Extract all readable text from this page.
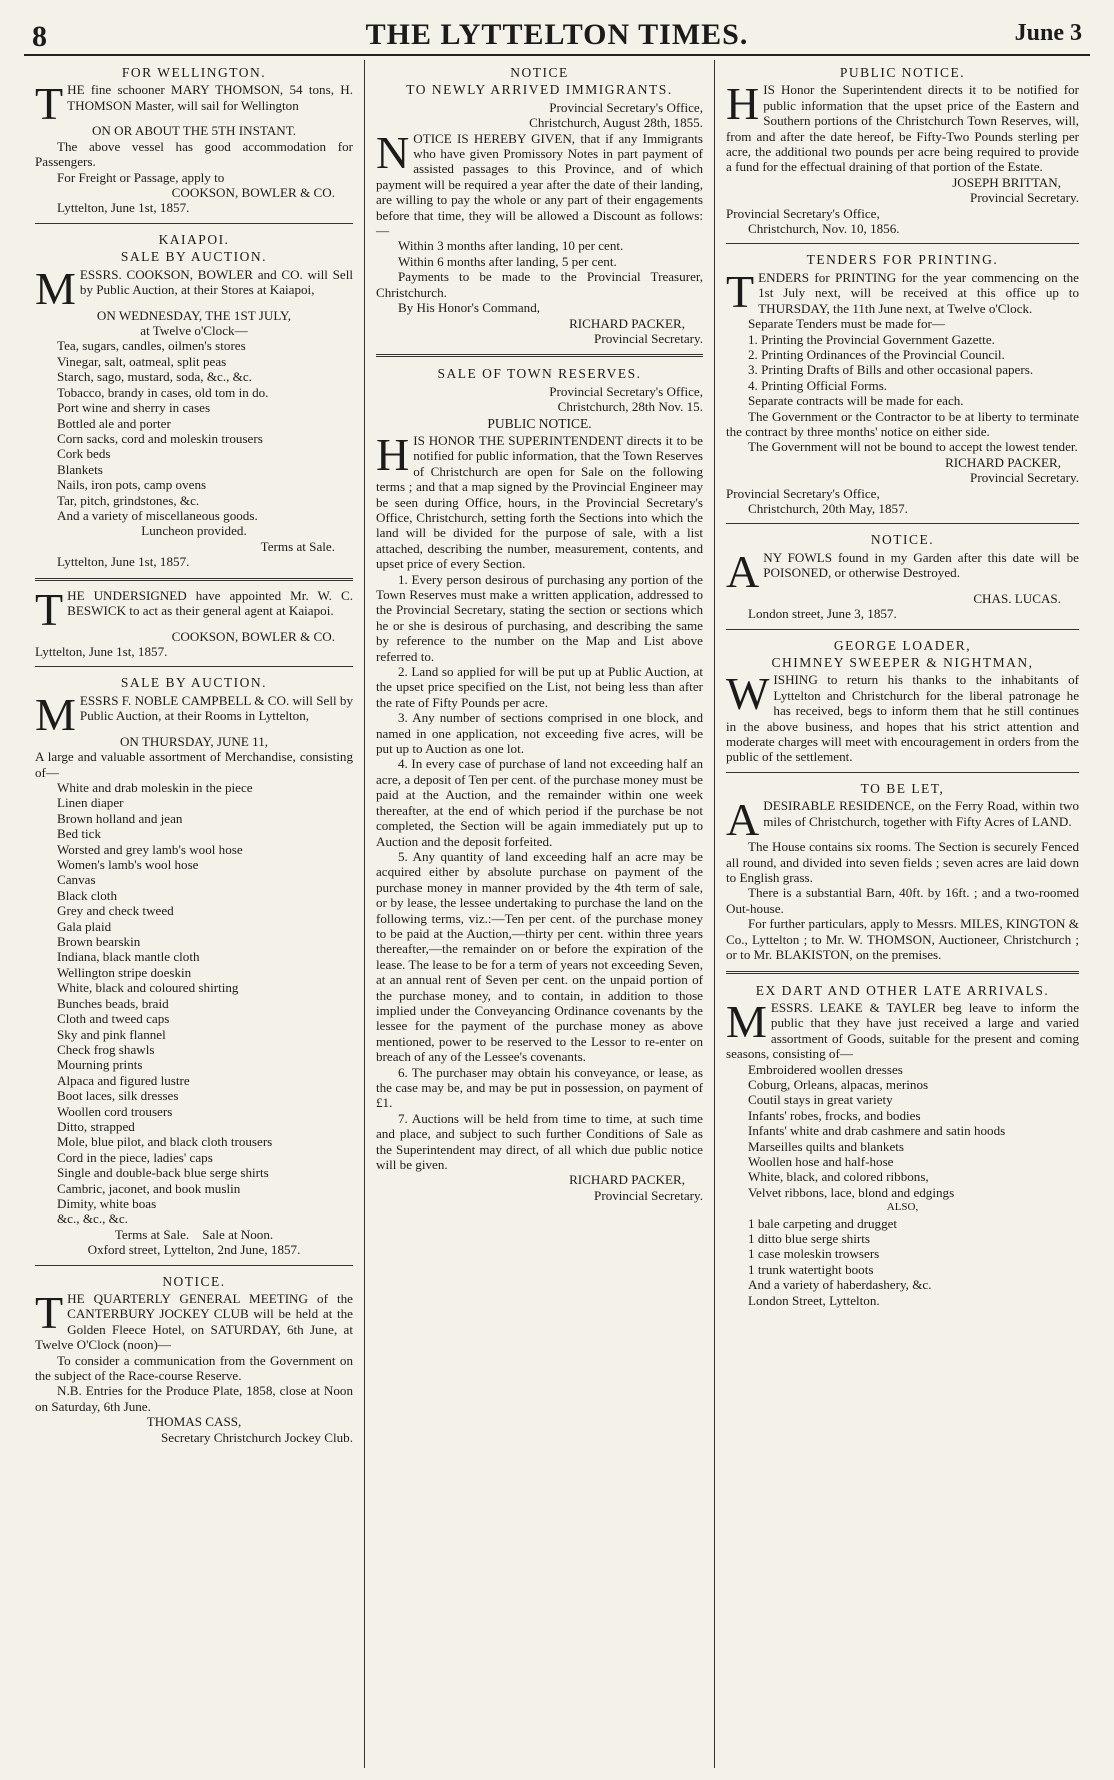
8	THE LYTTELTON TIMES.	June 3
FOR WELLINGTON.
THE fine schooner MARY THOMSON, 54 tons, H. THOMSON Master, will sail for Wellington
ON OR ABOUT THE 5TH INSTANT.
The above vessel has good accommodation for Passengers.
For Freight or Passage, apply to
COOKSON, BOWLER & CO.
Lyttelton, June 1st, 1857.
KAIAPOI.
SALE BY AUCTION.
MESSRS. COOKSON, BOWLER and CO. will Sell by Public Auction, at their Stores at Kaiapoi,
ON WEDNESDAY, THE 1ST JULY,
at Twelve o'Clock—
Tea, sugars, candles, oilmen's stores
Vinegar, salt, oatmeal, split peas
Starch, sago, mustard, soda, &c., &c.
Tobacco, brandy in cases, old tom in do.
Port wine and sherry in cases
Bottled ale and porter
Corn sacks, cord and moleskin trousers
Cork beds
Blankets
Nails, iron pots, camp ovens
Tar, pitch, grindstones, &c.
And a variety of miscellaneous goods.
Luncheon provided.
Terms at Sale.
Lyttelton, June 1st, 1857.
THE UNDERSIGNED have appointed Mr. W. C. BESWICK to act as their general agent at Kaiapoi.
COOKSON, BOWLER & CO.
Lyttelton, June 1st, 1857.
SALE BY AUCTION.
MESSRS F. NOBLE CAMPBELL & CO. will Sell by Public Auction, at their Rooms in Lyttelton,
ON THURSDAY, JUNE 11,
A large and valuable assortment of Merchandise, consisting of—
White and drab moleskin in the piece
Linen diaper
Brown holland and jean
Bed tick
Worsted and grey lamb's wool hose
Women's lamb's wool hose
Canvas
Black cloth
Grey and check tweed
Gala plaid
Brown bearskin
Indiana, black mantle cloth
Wellington stripe doeskin
White, black and coloured shirting
Bunches beads, braid
Cloth and tweed caps
Sky and pink flannel
Check frog shawls
Mourning prints
Alpaca and figured lustre
Boot laces, silk dresses
Woollen cord trousers
Ditto, strapped
Mole, blue pilot, and black cloth trousers
Cord in the piece, ladies' caps
Single and double-back blue serge shirts
Cambric, jaconet, and book muslin
Dimity, white boas
&c., &c., &c.
Terms at Sale.    Sale at Noon.
Oxford street, Lyttelton, 2nd June, 1857.
NOTICE.
THE QUARTERLY GENERAL MEETING of the CANTERBURY JOCKEY CLUB will be held at the Golden Fleece Hotel, on SATURDAY, 6th June, at Twelve O'Clock (noon)—
To consider a communication from the Government on the subject of the Race-course Reserve.
N.B. Entries for the Produce Plate, 1858, close at Noon on Saturday, 6th June.
THOMAS CASS,
Secretary Christchurch Jockey Club.
NOTICE
TO NEWLY ARRIVED IMMIGRANTS.
Provincial Secretary's Office,
Christchurch, August 28th, 1855.
NOTICE IS HEREBY GIVEN, that if any Immigrants who have given Promissory Notes in part payment of assisted passages to this Province, and of which payment will be required a year after the date of their landing, are willing to pay the whole or any part of their engagements before that time, they will be allowed a Discount as follows:—
Within 3 months after landing, 10 per cent.
Within 6 months after landing, 5 per cent.
Payments to be made to the Provincial Treasurer, Christchurch.
By His Honor's Command,
RICHARD PACKER,
Provincial Secretary.
SALE OF TOWN RESERVES.
Provincial Secretary's Office,
Christchurch, 28th Nov. 15.
PUBLIC NOTICE.
HIS HONOR THE SUPERINTENDENT directs it to be notified for public information, that the Town Reserves of Christchurch are open for Sale on the following terms ; and that a map signed by the Provincial Engineer may be seen during Office, hours, in the Provincial Secretary's Office, Christchurch, setting forth the Sections into which the land will be divided for the purpose of sale, with a list attached, describing the number, measurement, contents, and upset price of every Section.
1. Every person desirous of purchasing any portion of the Town Reserves must make a written application, addressed to the Provincial Secretary, stating the section or sections which he or she is desirous of purchasing, and describing the same by reference to the number on the Map and List above referred to.
2. Land so applied for will be put up at Public Auction, at the upset price specified on the List, not being less than after the rate of Fifty Pounds per acre.
3. Any number of sections comprised in one block, and named in one application, not exceeding five acres, will be put up to Auction as one lot.
4. In every case of purchase of land not exceeding half an acre, a deposit of Ten per cent. of the purchase money must be paid at the Auction, and the remainder within one week thereafter, at the end of which period if the purchase be not completed, the Section will be again immediately put up to Auction and the deposit forfeited.
5. Any quantity of land exceeding half an acre may be acquired either by absolute purchase on payment of the purchase money in manner provided by the 4th term of sale, or by lease, the lessee undertaking to purchase the land on the following terms, viz.:—Ten per cent. of the purchase money to be paid at the Auction,—thirty per cent. within three years thereafter,—the remainder on or before the expiration of the lease. The lease to be for a term of years not exceeding Seven, at an annual rent of Seven per cent. on the unpaid portion of the purchase money, and to contain, in addition to those implied under the Conveyancing Ordinance covenants by the lessee for the payment of the purchase money as above mentioned, power to be reserved to the Lessor to re-enter on breach of any of the Lessee's covenants.
6. The purchaser may obtain his conveyance, or lease, as the case may be, and may be put in possession, on payment of £1.
7. Auctions will be held from time to time, at such time and place, and subject to such further Conditions of Sale as the Superintendent may direct, of all which due public notice will be given.
RICHARD PACKER,
Provincial Secretary.
PUBLIC NOTICE.
HIS Honor the Superintendent directs it to be notified for public information that the upset price of the Eastern and Southern portions of the Christchurch Town Reserves, will, from and after the date hereof, be Fifty-Two Pounds sterling per acre, the additional two pounds per acre being required to provide a fund for the effectual draining of that portion of the Estate.
JOSEPH BRITTAN,
Provincial Secretary.
Provincial Secretary's Office,
Christchurch, Nov. 10, 1856.
TENDERS FOR PRINTING.
TENDERS for PRINTING for the year commencing on the 1st July next, will be received at this office up to THURSDAY, the 11th June next, at Twelve o'Clock.
Separate Tenders must be made for—
1. Printing the Provincial Government Gazette.
2. Printing Ordinances of the Provincial Council.
3. Printing Drafts of Bills and other occasional papers.
4. Printing Official Forms.
Separate contracts will be made for each.
The Government or the Contractor to be at liberty to terminate the contract by three months' notice on either side.
The Government will not be bound to accept the lowest tender.
RICHARD PACKER,
Provincial Secretary.
Provincial Secretary's Office,
Christchurch, 20th May, 1857.
NOTICE.
ANY FOWLS found in my Garden after this date will be POISONED, or otherwise Destroyed.
CHAS. LUCAS.
London street, June 3, 1857.
GEORGE LOADER,
CHIMNEY SWEEPER & NIGHTMAN,
WISHING to return his thanks to the inhabitants of Lyttelton and Christchurch for the liberal patronage he has received, begs to inform them that he still continues in the above business, and hopes that his strict attention and moderate charges will meet with encouragement in orders from the public of the settlement.
TO BE LET,
ADESIRABLE RESIDENCE, on the Ferry Road, within two miles of Christchurch, together with Fifty Acres of LAND.
The House contains six rooms. The Section is securely Fenced all round, and divided into seven fields ; seven acres are laid down to English grass.
There is a substantial Barn, 40ft. by 16ft. ; and a two-roomed Out-house.
For further particulars, apply to Messrs. MILES, KINGTON & Co., Lyttelton ; to Mr. W. THOMSON, Auctioneer, Christchurch ; or to Mr. BLAKISTON, on the premises.
EX DART AND OTHER LATE ARRIVALS.
MESSRS. LEAKE & TAYLER beg leave to inform the public that they have just received a large and varied assortment of Goods, suitable for the present and coming seasons, consisting of—
Embroidered woollen dresses
Coburg, Orleans, alpacas, merinos
Coutil stays in great variety
Infants' robes, frocks, and bodies
Infants' white and drab cashmere and satin hoods
Marseilles quilts and blankets
Woollen hose and half-hose
White, black, and colored ribbons,
Velvet ribbons, lace, blond and edgings
ALSO,
1 bale carpeting and drugget
1 ditto blue serge shirts
1 case moleskin trowsers
1 trunk watertight boots
And a variety of haberdashery, &c.
London Street, Lyttelton.
